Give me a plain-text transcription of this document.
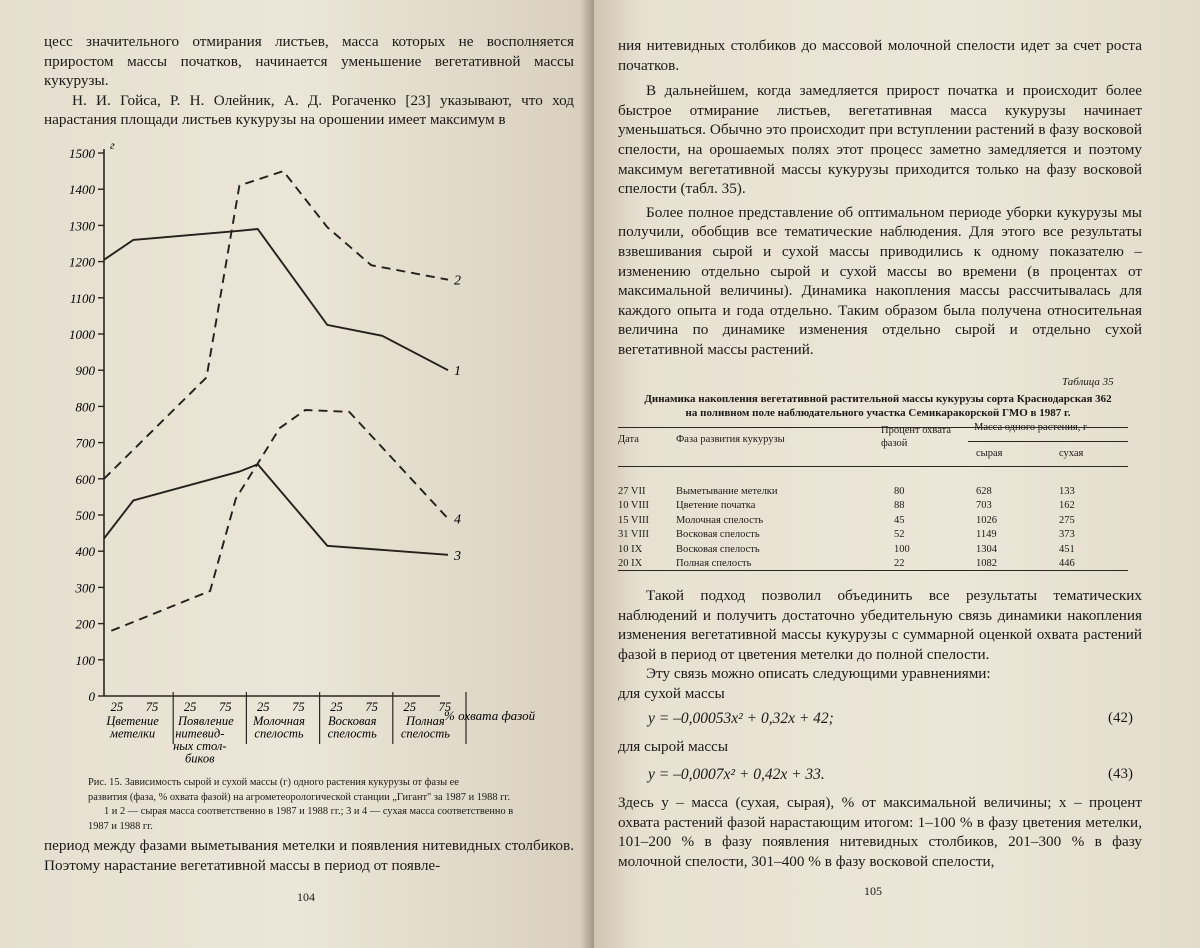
цесс значительного отмирания листьев, масса которых не восполняется приростом массы початков, начинается уменьшение вегетативной массы кукурузы.

Н. И. Гойса, Р. Н. Олейник, А. Д. Рогаченко [23] указывают, что ход нарастания площади листьев кукурузы на орошении имеет максимум в

г
0
100
200
300
400
500
600
700
800
900
1000
1100
1200
1300
1400
1500
25 75 25 75 25 75 25 75 25 75
% охвата фазой
Цветение метелки
Появление нитевид-ных стол-биков
Молочная спелость
Восковая спелость
Полная спелость
1
2
3
4

Рис. 15. Зависимость сырой и сухой массы (г) одного растения кукурузы от фазы ее

развития (фаза, % охвата фазой) на агрометеорологической станции „Гигант" за 1987 и 1988 гг.

1 и 2 — сырая масса соответственно в 1987 и 1988 гг.; 3 и 4 — сухая масса соответственно в

1987 и 1988 гг.

период между фазами выметывания метелки и появления нитевидных столбиков. Поэтому нарастание вегетативной массы в период от появле-

104

ния нитевидных столбиков до массовой молочной спелости идет за счет роста початков.

В дальнейшем, когда замедляется прирост початка и происходит более быстрое отмирание листьев, вегетативная масса кукурузы начинает уменьшаться. Обычно это происходит при вступлении растений в фазу восковой спелости, на орошаемых полях этот процесс заметно замедляется и поэтому максимум вегетативной массы кукурузы приходится только на фазу восковой спелости (табл. 35).

Более полное представление об оптимальном периоде уборки кукурузы мы получили, обобщив все тематические наблюдения. Для этого все результаты взвешивания сырой и сухой массы приводились к одному показателю – изменению отдельно сырой и сухой массы во времени (в процентах от максимальной величины). Динамика накопления массы рассчитывалась для каждого опыта и года отдельно. Таким образом была получена относительная величина по динамике изменения отдельно сырой и отдельно сухой вегетативной массы растений.

Таблица 35
Динамика накопления вегетативной растительной массы кукурузы сорта Краснодарская 362
на поливном поле наблюдательного участка Семикаракорской ГМО в 1987 г.
Дата	Фаза развития кукурузы
Процент охвата фазой
Масса одного растения, г
сырая	сухая
27 VII	Выметывание метелки	80	628	133
10 VIII	Цветение початка	88	703	162
15 VIII	Молочная спелость	45	1026	275
31 VIII	Восковая спелость	52	1149	373
10 IX	Восковая спелость	100	1304	451
20 IX	Полная спелость	22	1082	446

Такой подход позволил объединить все результаты тематических наблюдений и получить достаточно убедительную связь динамики накопления изменения вегетативной массы кукурузы с суммарной оценкой охвата растений фазой в период от цветения метелки до полной спелости.

Эту связь можно описать следующими уравнениями:

для сухой массы

y = –0,00053x² + 0,32x + 42;	(42)
для сырой массы
y = –0,0007x² + 0,42x + 33.	(43)

Здесь y – масса (сухая, сырая), % от максимальной величины; x – процент охвата растений фазой нарастающим итогом: 1–100 % в фазу цветения метелки, 101–200 % в фазу появления нитевидных столбиков, 201–300 % в фазу молочной спелости, 301–400 % в фазу восковой спелости,

105
